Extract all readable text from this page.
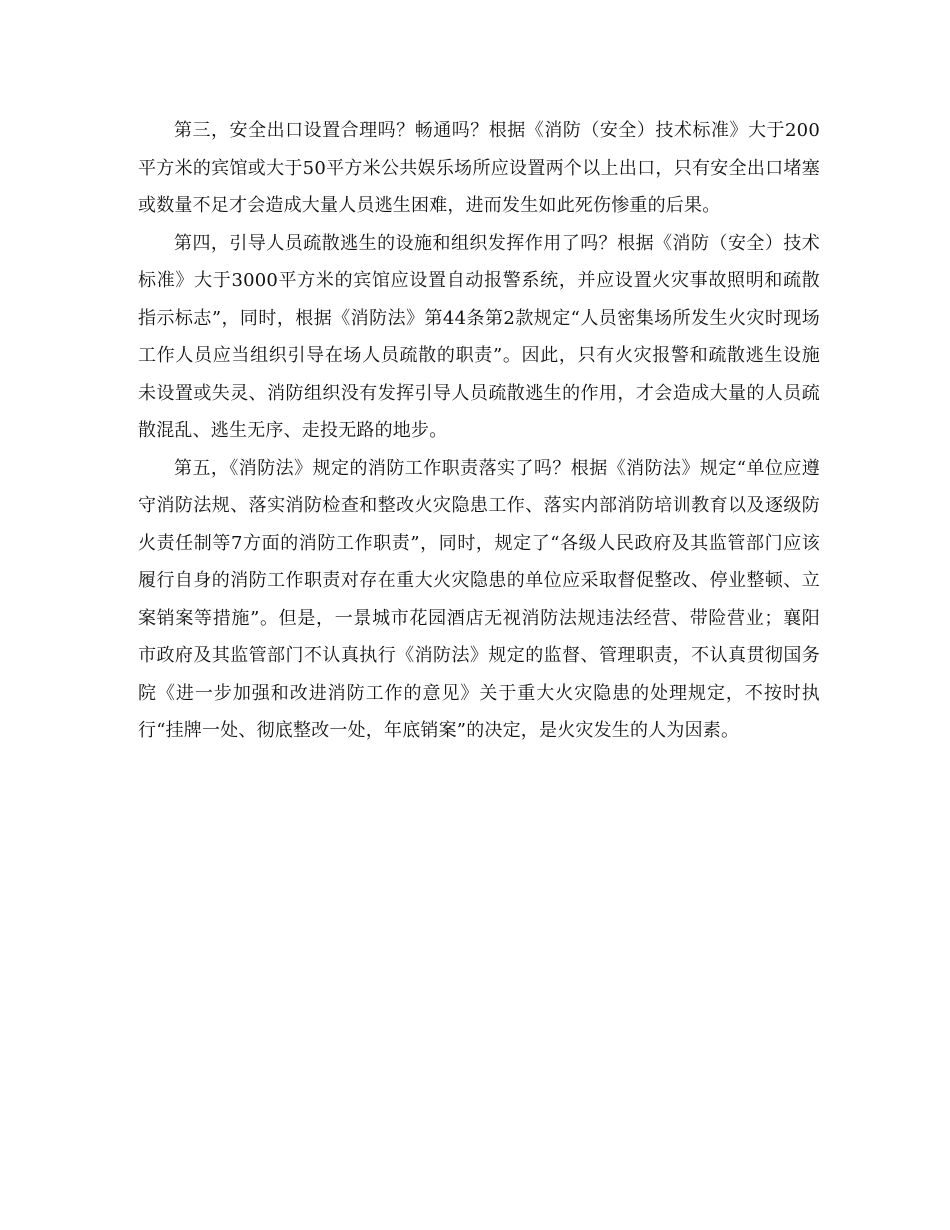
第三，安全出口设置合理吗？畅通吗？根据《消防（安全）技术标准》大于200平方米的宾馆或大于50平方米公共娱乐场所应设置两个以上出口，只有安全出口堵塞或数量不足才会造成大量人员逃生困难，进而发生如此死伤惨重的后果。

第四，引导人员疏散逃生的设施和组织发挥作用了吗？根据《消防（安全）技术标准》大于3000平方米的宾馆应设置自动报警系统，并应设置火灾事故照明和疏散指示标志”，同时，根据《消防法》第44条第2款规定“人员密集场所发生火灾时现场工作人员应当组织引导在场人员疏散的职责”。因此，只有火灾报警和疏散逃生设施未设置或失灵、消防组织没有发挥引导人员疏散逃生的作用，才会造成大量的人员疏散混乱、逃生无序、走投无路的地步。

第五，《消防法》规定的消防工作职责落实了吗？根据《消防法》规定“单位应遵守消防法规、落实消防检查和整改火灾隐患工作、落实内部消防培训教育以及逐级防火责任制等7方面的消防工作职责”，同时，规定了“各级人民政府及其监管部门应该履行自身的消防工作职责对存在重大火灾隐患的单位应采取督促整改、停业整顿、立案销案等措施”。但是，一景城市花园酒店无视消防法规违法经营、带险营业；襄阳市政府及其监管部门不认真执行《消防法》规定的监督、管理职责，不认真贯彻国务院《进一步加强和改进消防工作的意见》关于重大火灾隐患的处理规定，不按时执行“挂牌一处、彻底整改一处，年底销案”的决定，是火灾发生的人为因素。
